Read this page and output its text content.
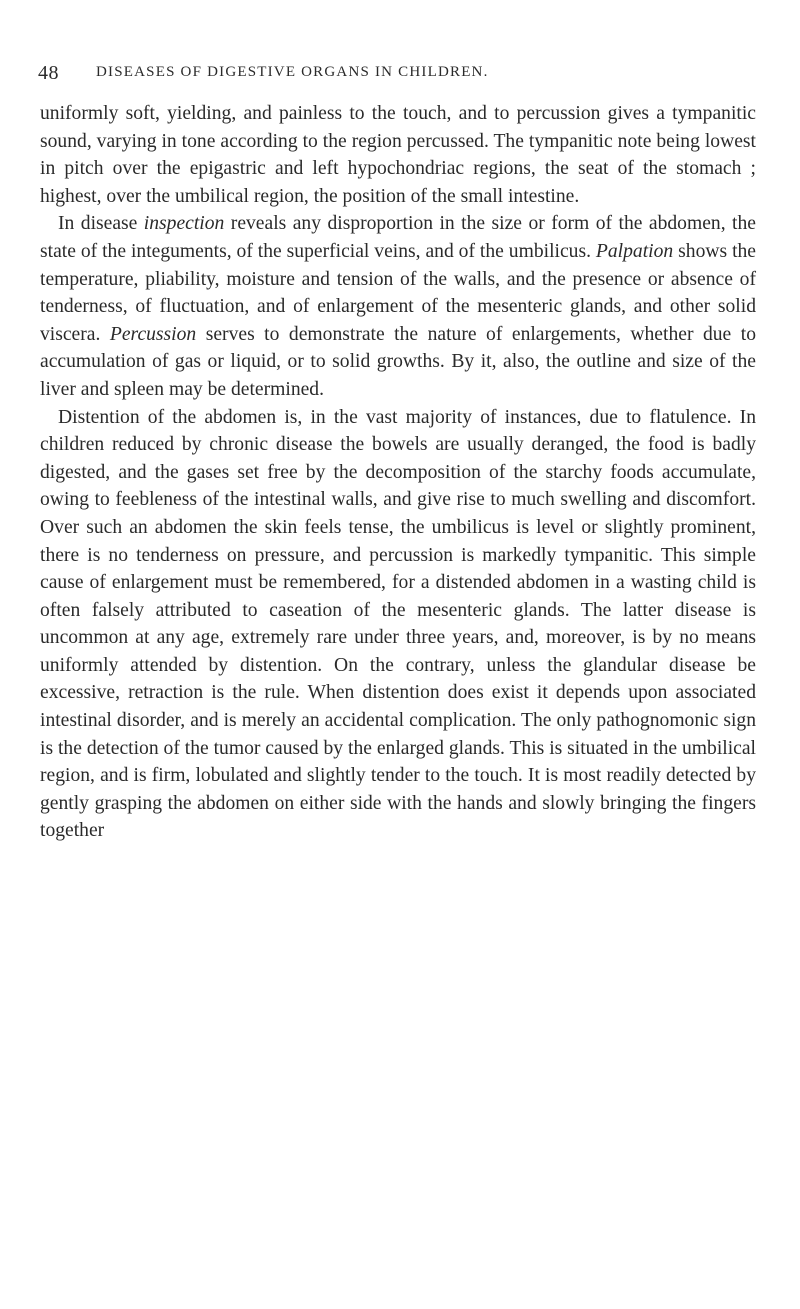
48 DISEASES OF DIGESTIVE ORGANS IN CHILDREN.

uniformly soft, yielding, and painless to the touch, and to percussion gives a tympanitic sound, varying in tone according to the region percussed. The tympanitic note being lowest in pitch over the epigastric and left hypochondriac regions, the seat of the stomach ; highest, over the umbilical region, the position of the small intestine.

In disease inspection reveals any disproportion in the size or form of the abdomen, the state of the integuments, of the superficial veins, and of the umbilicus. Palpation shows the temperature, pliability, moisture and tension of the walls, and the presence or absence of tenderness, of fluctuation, and of enlargement of the mesenteric glands, and other solid viscera. Percussion serves to demonstrate the nature of enlargements, whether due to accumulation of gas or liquid, or to solid growths. By it, also, the outline and size of the liver and spleen may be determined.

Distention of the abdomen is, in the vast majority of instances, due to flatulence. In children reduced by chronic disease the bowels are usually deranged, the food is badly digested, and the gases set free by the decomposition of the starchy foods accumulate, owing to feebleness of the intestinal walls, and give rise to much swelling and discomfort. Over such an abdomen the skin feels tense, the umbilicus is level or slightly prominent, there is no tenderness on pressure, and percussion is markedly tympanitic. This simple cause of enlargement must be remembered, for a distended abdomen in a wasting child is often falsely attributed to caseation of the mesenteric glands. The latter disease is uncommon at any age, extremely rare under three years, and, moreover, is by no means uniformly attended by distention. On the contrary, unless the glandular disease be excessive, retraction is the rule. When distention does exist it depends upon associated intestinal disorder, and is merely an accidental complication. The only pathognomonic sign is the detection of the tumor caused by the enlarged glands. This is situated in the umbilical region, and is firm, lobulated and slightly tender to the touch. It is most readily detected by gently grasping the abdomen on either side with the hands and slowly bringing the fingers together
